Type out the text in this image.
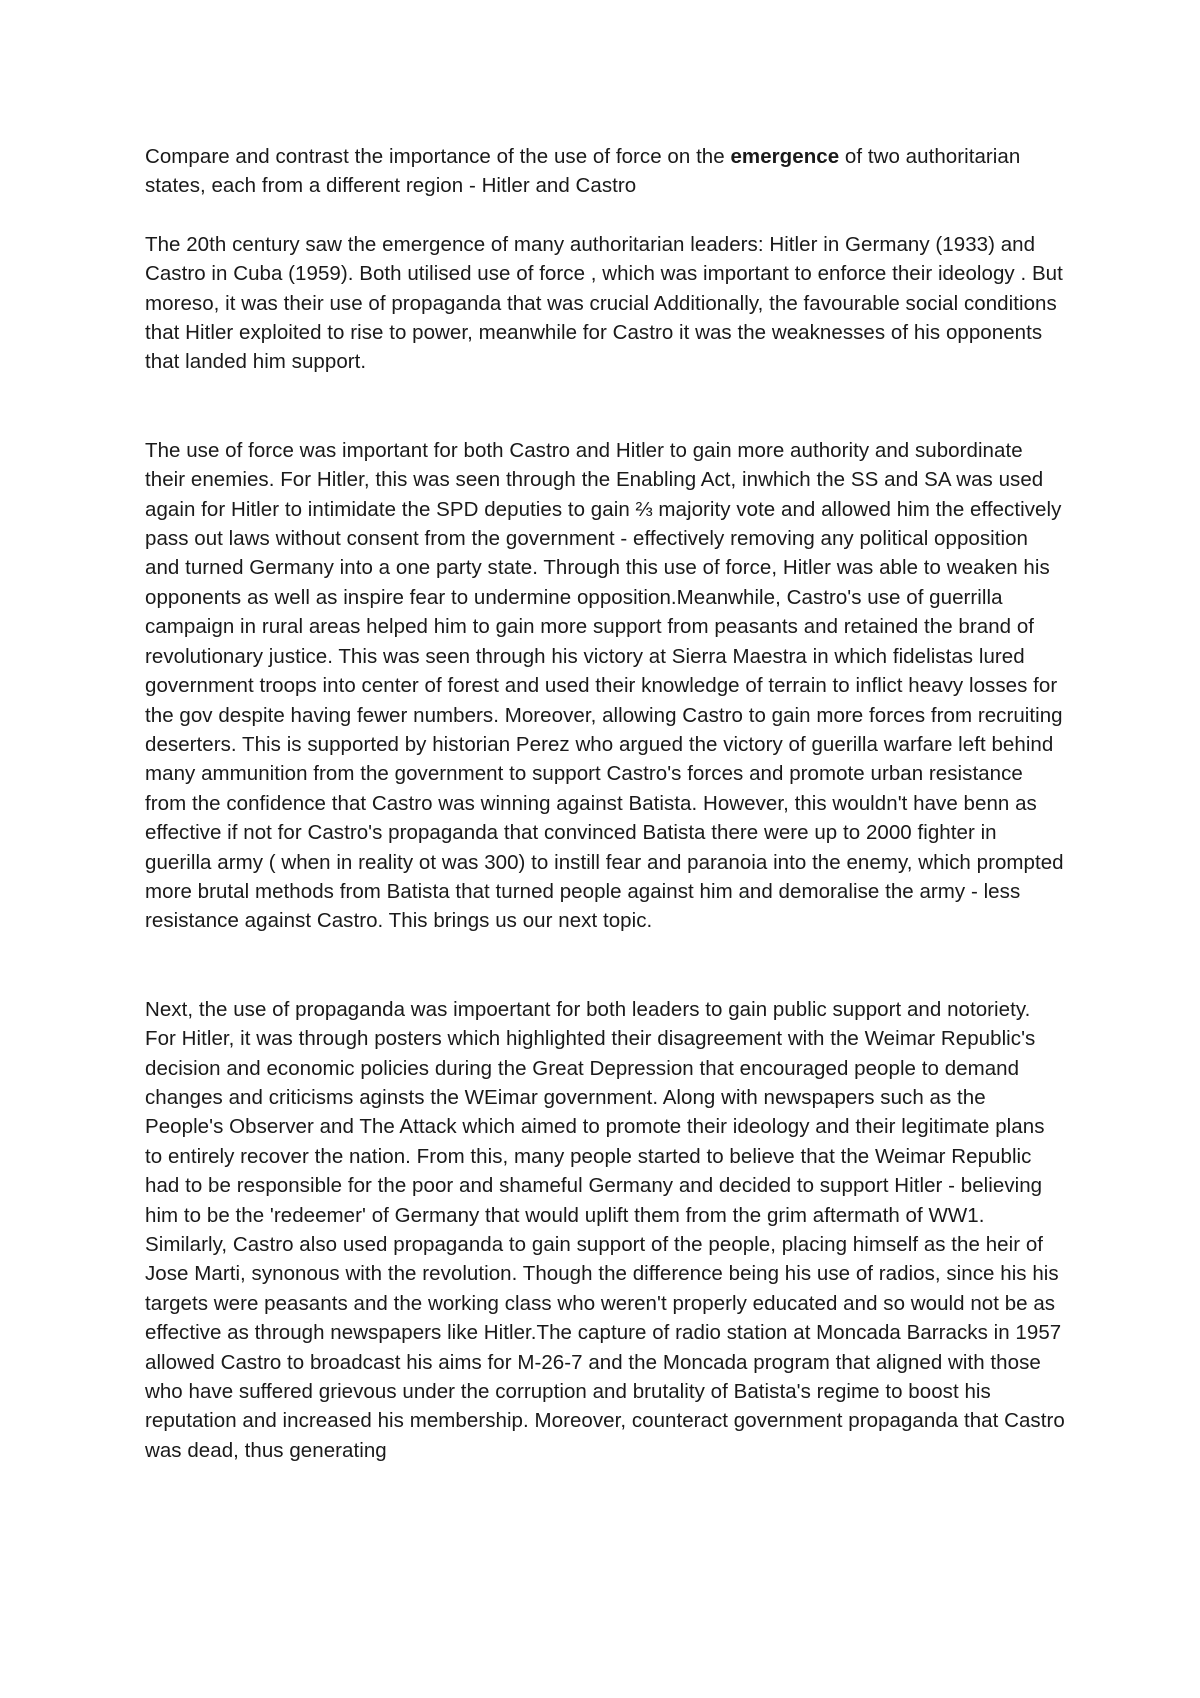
Compare and contrast the importance of the use of force on the emergence of two authoritarian states, each from a different region - Hitler and Castro

The 20th century saw the emergence of many authoritarian leaders: Hitler in Germany (1933) and Castro in Cuba (1959). Both utilised use of force , which was important to enforce their ideology . But moreso, it was their use of propaganda that was crucial Additionally, the favourable social conditions that Hitler exploited to rise to power, meanwhile for Castro it was the weaknesses of his opponents that landed him support.

The use of force was important for both Castro and Hitler to gain more authority and subordinate their enemies. For Hitler, this was seen through the Enabling Act, inwhich the SS and SA was used again for Hitler to intimidate the SPD deputies to gain ⅔ majority vote and allowed him the effectively pass out laws without consent from the government - effectively removing any political opposition and turned Germany into a one party state. Through this use of force, Hitler was able to weaken his opponents as well as inspire fear to undermine opposition.Meanwhile, Castro's use of guerrilla campaign in rural areas helped him to gain more support from peasants and retained the brand of revolutionary justice. This was seen through his victory at Sierra Maestra in which fidelistas lured government troops into center of forest and used their knowledge of terrain to inflict heavy losses for the gov despite having fewer numbers. Moreover, allowing Castro to gain more forces from recruiting deserters. This is supported by historian Perez who argued the victory of guerilla warfare left behind many ammunition from the government to support Castro's forces and promote urban resistance from the confidence that Castro was winning against Batista. However, this wouldn't have benn as effective if not for Castro's propaganda that convinced Batista there were up to 2000 fighter in guerilla army ( when in reality ot was 300) to instill fear and paranoia into the enemy, which prompted more brutal methods from Batista that turned people against him and demoralise the army - less resistance against Castro. This brings us our next topic.

Next, the use of propaganda was impoertant for both leaders to gain public support and notoriety. For Hitler, it was through posters which highlighted their disagreement with the Weimar Republic's decision and economic policies during the Great Depression that encouraged people to demand changes and criticisms aginsts the WEimar government. Along with newspapers such as the People's Observer and The Attack which aimed to promote their ideology and their legitimate plans to entirely recover the nation. From this, many people started to believe that the Weimar Republic had to be responsible for the poor and shameful Germany and decided to support Hitler - believing him to be the 'redeemer' of Germany that would uplift them from the grim aftermath of WW1. Similarly, Castro also used propaganda to gain support of the people, placing himself as the heir of Jose Marti, synonous with the revolution. Though the difference being his use of radios, since his his targets were peasants and the working class who weren't properly educated and so would not be as effective as through newspapers like Hitler.The capture of radio station at Moncada Barracks in 1957 allowed Castro to broadcast his aims for M-26-7 and the Moncada program that aligned with those who have suffered grievous under the corruption and brutality of Batista's regime to boost his reputation and increased his membership. Moreover, counteract government propaganda that Castro was dead, thus generating
